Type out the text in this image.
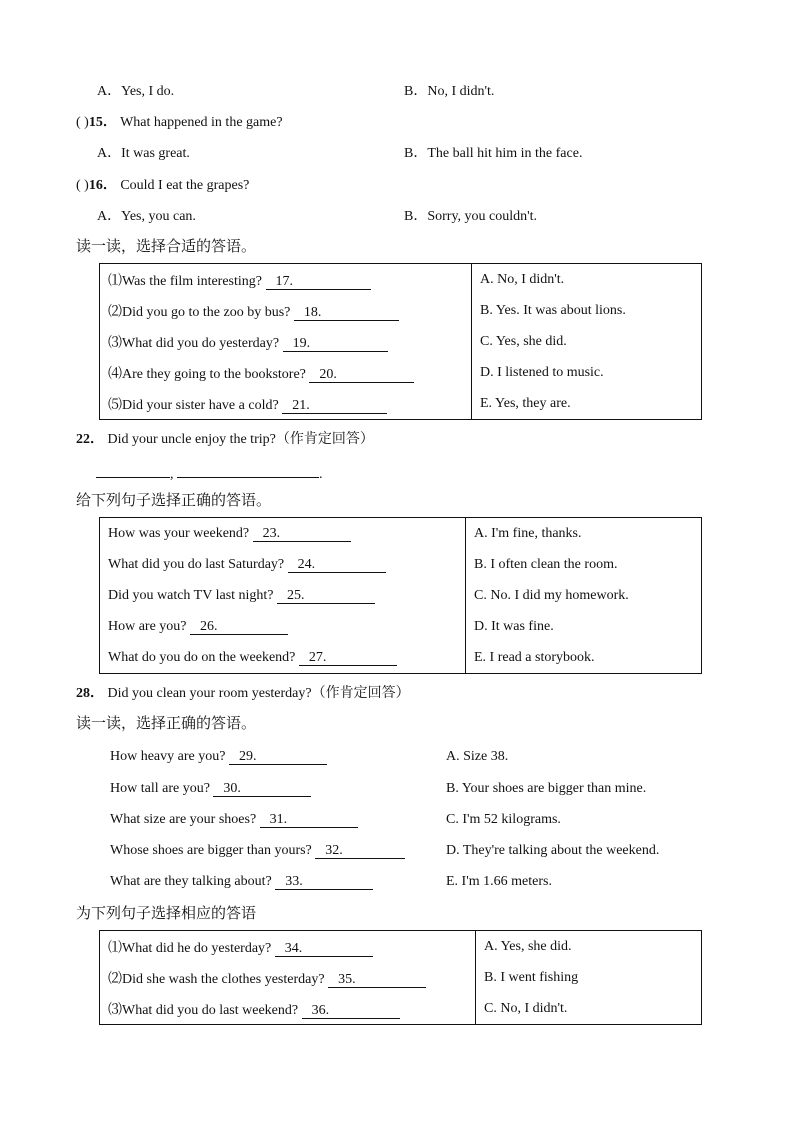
A．Yes, I do.	B．No, I didn't.
( )15． What happened in the game?
A．It was great.	B．The ball hit him in the face.
( )16． Could I eat the grapes?
A．Yes, you can.	B．Sorry, you couldn't.
读一读，选择合适的答语。
⑴Was the film interesting? 17.	A. No, I didn't.
⑵Did you go to the zoo by bus? 18.	B. Yes. It was about lions.
⑶What did you do yesterday? 19.	C. Yes, she did.
⑷Are they going to the bookstore? 20.	D. I listened to music.
⑸Did your sister have a cold? 21.	E. Yes, they are.
22． Did your uncle enjoy the trip?（作肯定回答）
,	.
给下列句子选择正确的答语。
How was your weekend? 23.	A. I'm fine, thanks.
What did you do last Saturday? 24.	B. I often clean the room.
Did you watch TV last night? 25.	C. No. I did my homework.
How are you? 26.	D. It was fine.
What do you do on the weekend? 27.	E. I read a storybook.
28． Did you clean your room yesterday?（作肯定回答）
读一读，选择正确的答语。
How heavy are you? 29.	A. Size 38.
How tall are you? 30.	B. Your shoes are bigger than mine.
What size are your shoes? 31.	C. I'm 52 kilograms.
Whose shoes are bigger than yours? 32.	D. They're talking about the weekend.
What are they talking about? 33.	E. I'm 1.66 meters.
为下列句子选择相应的答语
⑴What did he do yesterday? 34.	A. Yes, she did.
⑵Did she wash the clothes yesterday? 35.	B. I went fishing
⑶What did you do last weekend? 36.	C. No, I didn't.
